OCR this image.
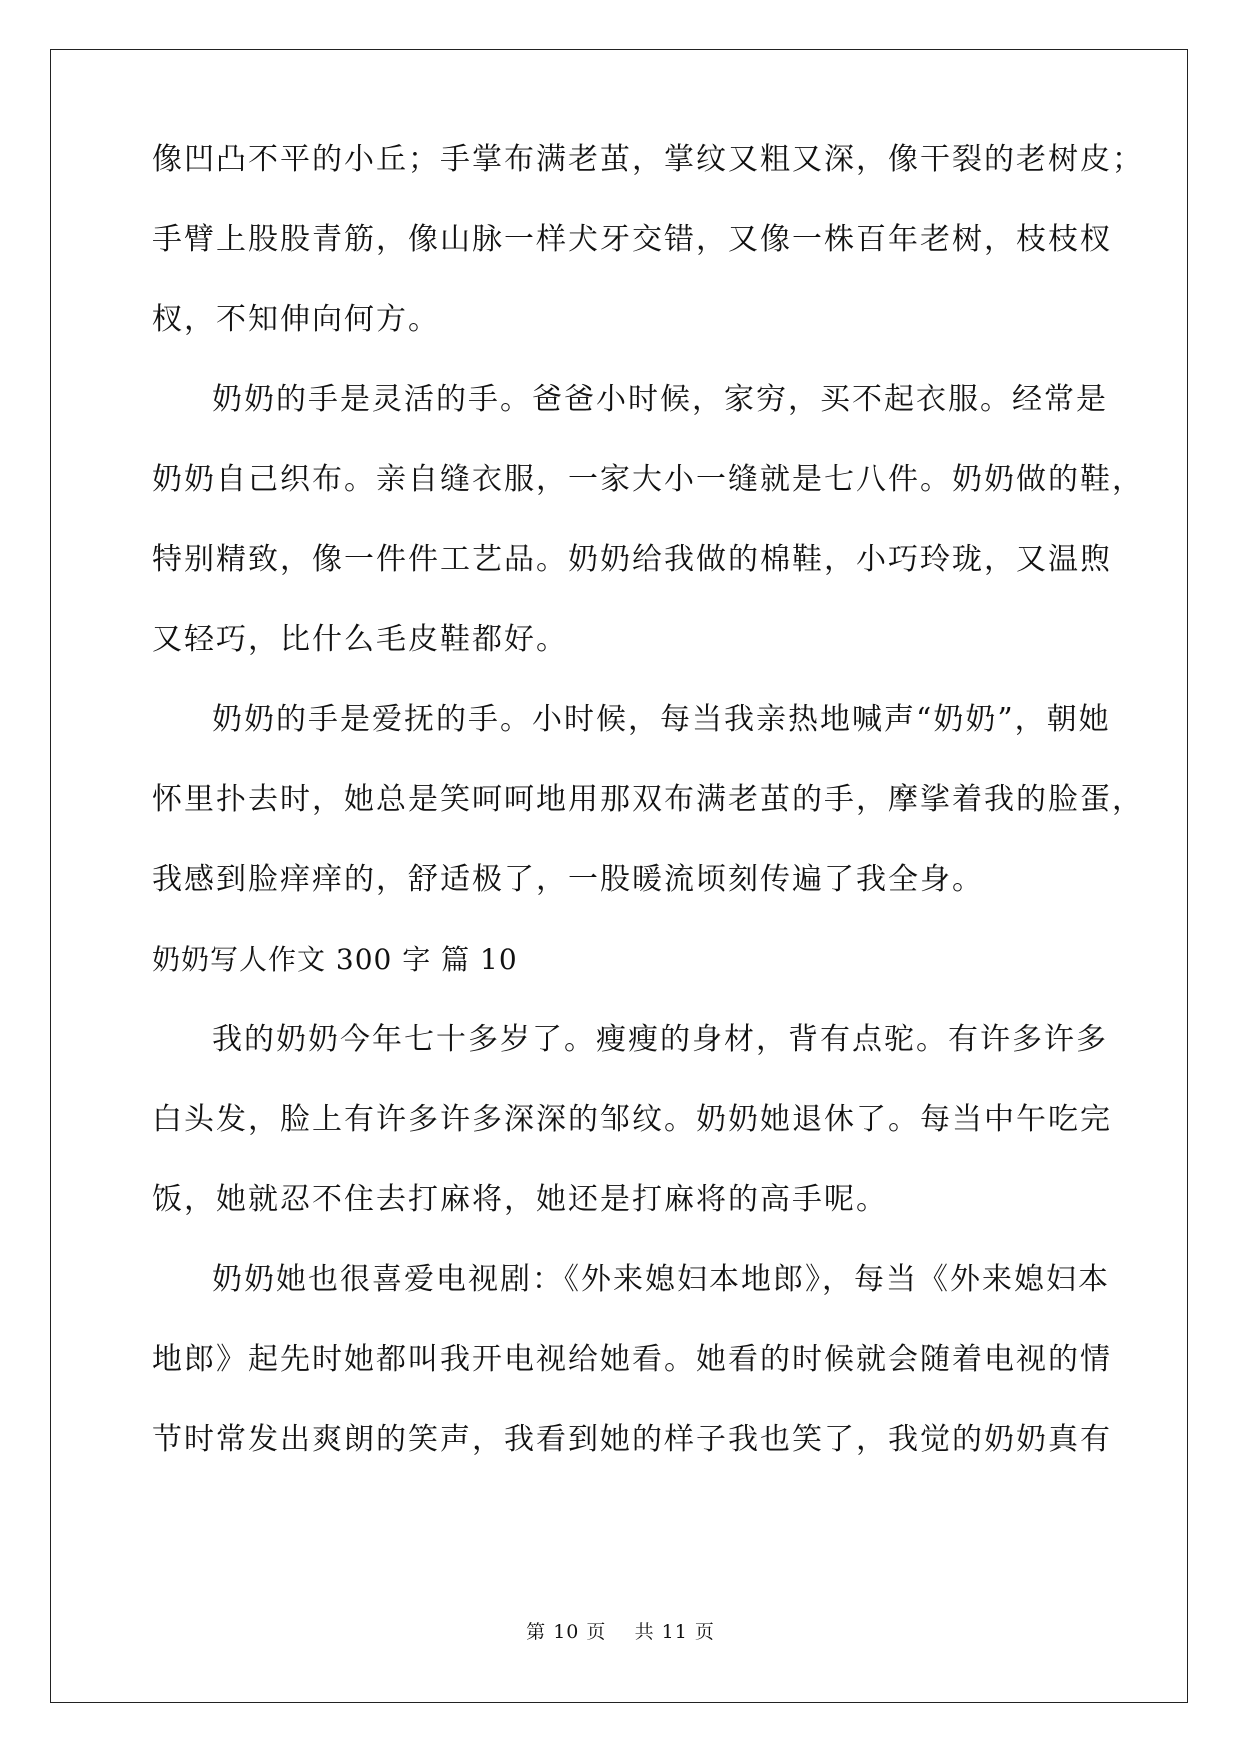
像凹凸不平的小丘；手掌布满老茧，掌纹又粗又深，像干裂的老树皮；
手臂上股股青筋，像山脉一样犬牙交错，又像一株百年老树，枝枝杈
杈，不知伸向何方。
奶奶的手是灵活的手。爸爸小时候，家穷，买不起衣服。经常是
奶奶自己织布。亲自缝衣服，一家大小一缝就是七八件。奶奶做的鞋，
特别精致，像一件件工艺品。奶奶给我做的棉鞋，小巧玲珑，又温煦
又轻巧，比什么毛皮鞋都好。
奶奶的手是爱抚的手。小时候，每当我亲热地喊声“奶奶”，朝她
怀里扑去时，她总是笑呵呵地用那双布满老茧的手，摩挲着我的脸蛋，
我感到脸痒痒的，舒适极了，一股暖流顷刻传遍了我全身。
奶奶写人作文 300 字 篇 10
我的奶奶今年七十多岁了。瘦瘦的身材，背有点驼。有许多许多
白头发，脸上有许多许多深深的邹纹。奶奶她退休了。每当中午吃完
饭，她就忍不住去打麻将，她还是打麻将的高手呢。
奶奶她也很喜爱电视剧：《外来媳妇本地郎》，每当《外来媳妇本
地郎》起先时她都叫我开电视给她看。她看的时候就会随着电视的情
节时常发出爽朗的笑声，我看到她的样子我也笑了，我觉的奶奶真有
第 10 页    共 11 页
